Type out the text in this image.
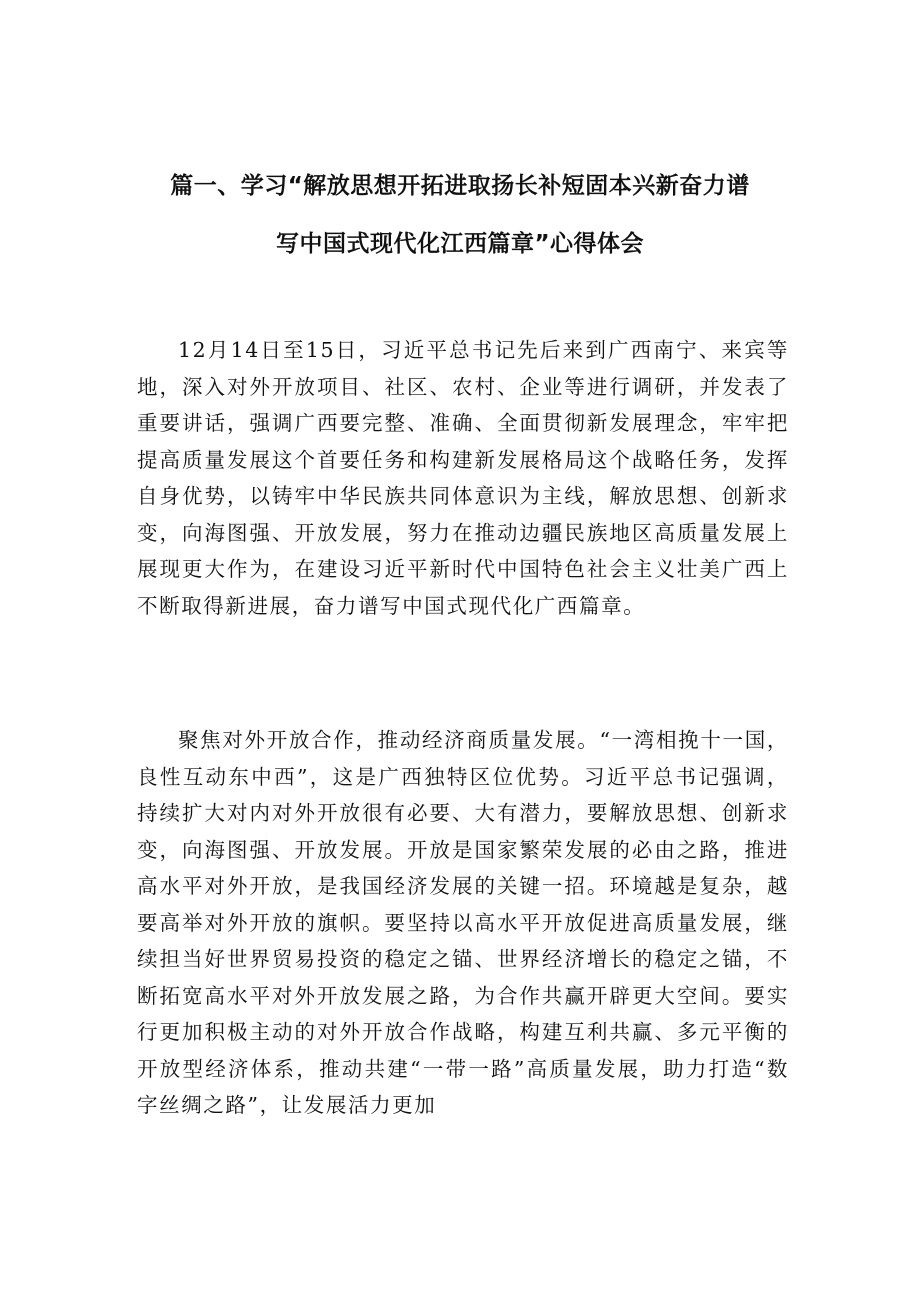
篇一、学习“解放思想开拓进取扬长补短固本兴新奋力谱
写中国式现代化江西篇章”心得体会

12月14日至15日，习近平总书记先后来到广西南宁、来宾等地，深入对外开放项目、社区、农村、企业等进行调研，并发表了重要讲话，强调广西要完整、准确、全面贯彻新发展理念，牢牢把提高质量发展这个首要任务和构建新发展格局这个战略任务，发挥自身优势，以铸牢中华民族共同体意识为主线，解放思想、创新求变，向海图强、开放发展，努力在推动边疆民族地区高质量发展上展现更大作为，在建设习近平新时代中国特色社会主义壮美广西上不断取得新进展，奋力谱写中国式现代化广西篇章。

聚焦对外开放合作，推动经济商质量发展。“一湾相挽十一国，良性互动东中西”，这是广西独特区位优势。习近平总书记强调，持续扩大对内对外开放很有必要、大有潜力，要解放思想、创新求变，向海图强、开放发展。开放是国家繁荣发展的必由之路，推进高水平对外开放，是我国经济发展的关键一招。环境越是复杂，越要高举对外开放的旗帜。要坚持以高水平开放促进高质量发展，继续担当好世界贸易投资的稳定之锚、世界经济增长的稳定之锚，不断拓宽高水平对外开放发展之路，为合作共赢开辟更大空间。要实行更加积极主动的对外开放合作战略，构建互利共赢、多元平衡的开放型经济体系，推动共建“一带一路”高质量发展，助力打造“数字丝绸之路”，让发展活力更加
